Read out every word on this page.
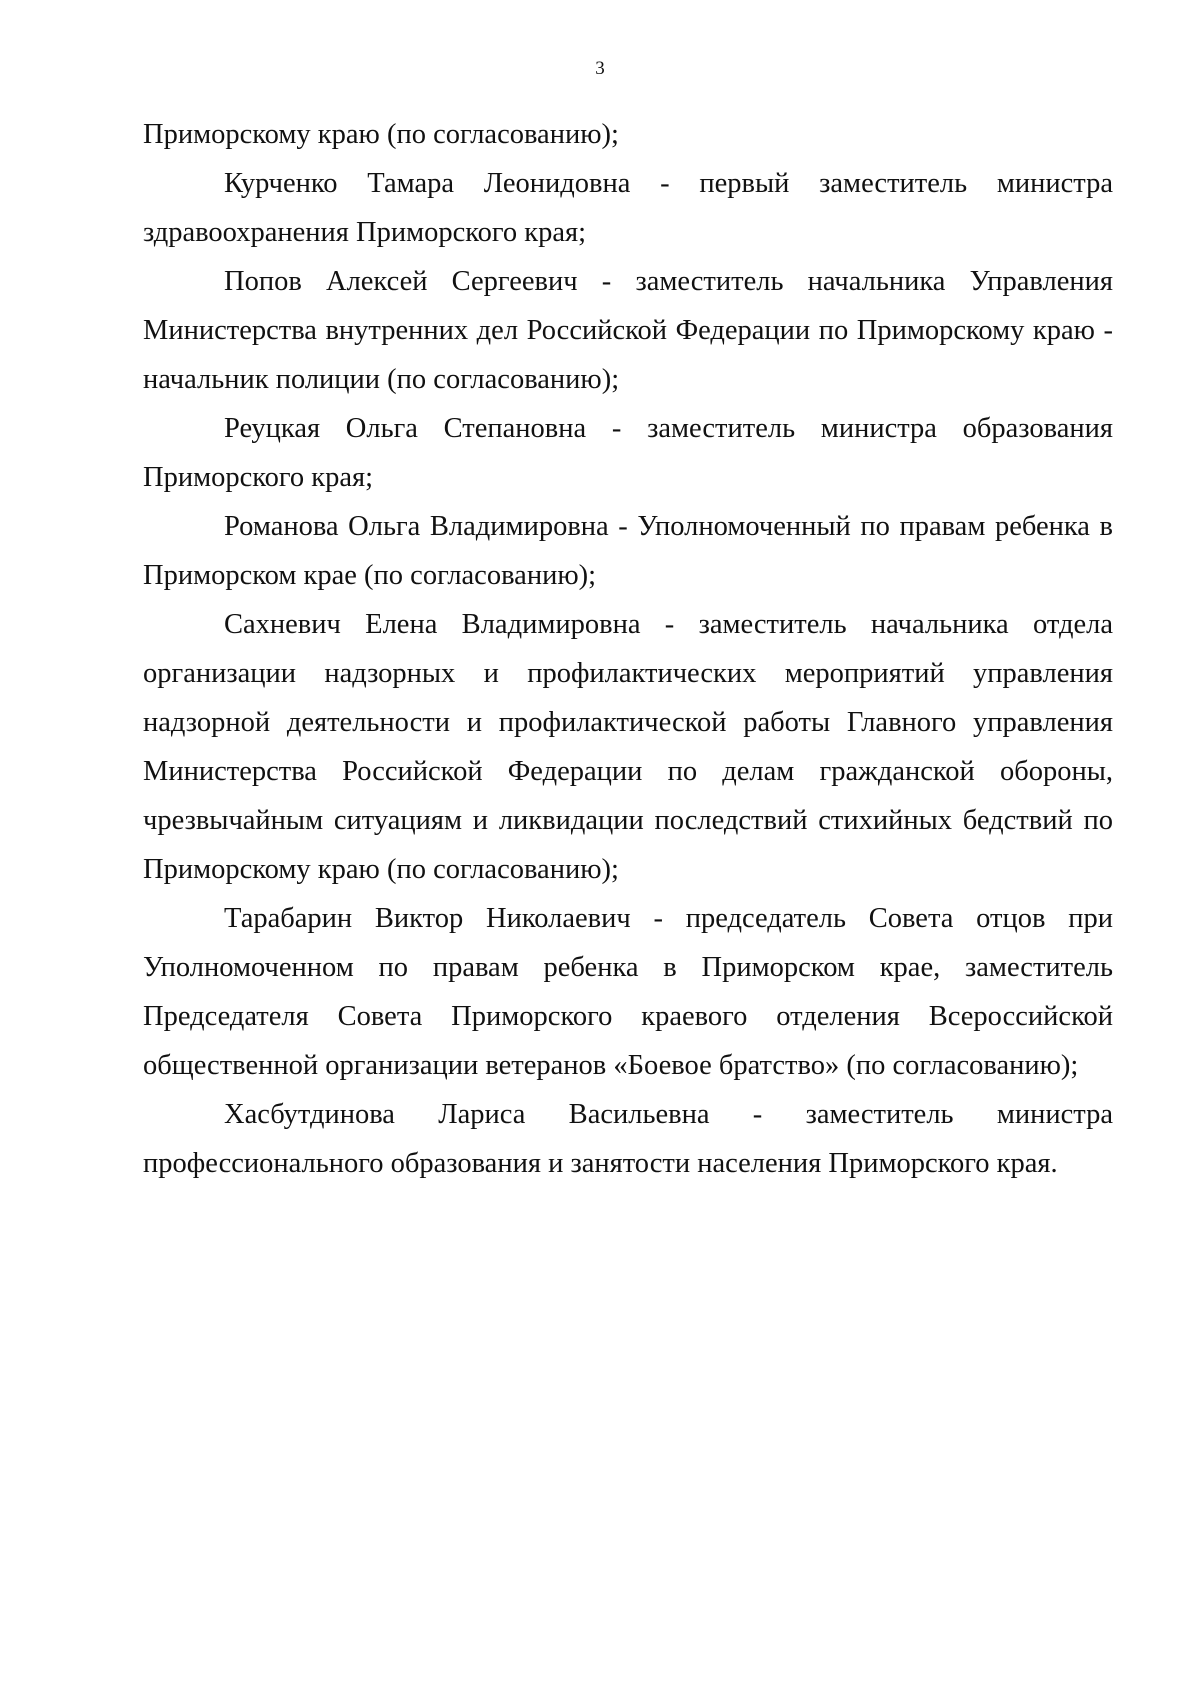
3

Приморскому краю (по согласованию);

Курченко Тамара Леонидовна - первый заместитель министра здравоохранения Приморского края;

Попов Алексей Сергеевич - заместитель начальника Управления Министерства внутренних дел Российской Федерации по Приморскому краю - начальник полиции (по согласованию);

Реуцкая Ольга Степановна - заместитель министра образования Приморского края;

Романова Ольга Владимировна - Уполномоченный по правам ребенка в Приморском крае (по согласованию);

Сахневич Елена Владимировна - заместитель начальника отдела организации надзорных и профилактических мероприятий управления надзорной деятельности и профилактической работы Главного управления Министерства Российской Федерации по делам гражданской обороны, чрезвычайным ситуациям и ликвидации последствий стихийных бедствий по Приморскому краю (по согласованию);

Тарабарин Виктор Николаевич - председатель Совета отцов при Уполномоченном по правам ребенка в Приморском крае, заместитель Председателя Совета Приморского краевого отделения Всероссийской общественной организации ветеранов «Боевое братство» (по согласованию);

Хасбутдинова Лариса Васильевна - заместитель министра профессионального образования и занятости населения Приморского края.
